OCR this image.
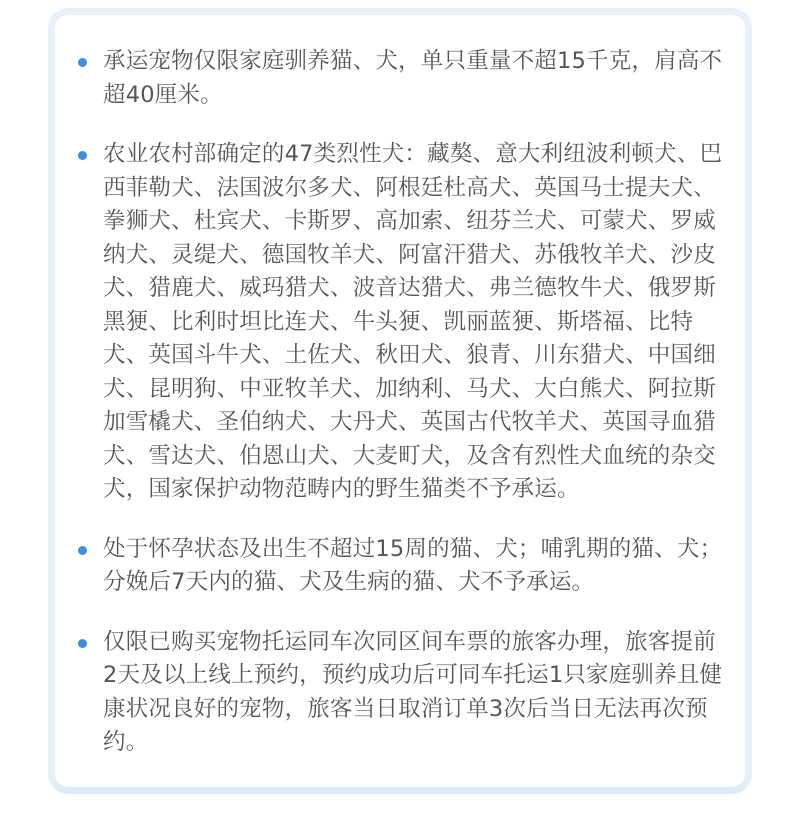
承运宠物仅限家庭驯养猫、犬，单只重量不超15千克，肩高不超40厘米。
农业农村部确定的47类烈性犬：藏獒、意大利纽波利顿犬、巴西菲勒犬、法国波尔多犬、阿根廷杜高犬、英国马士提夫犬、拳狮犬、杜宾犬、卡斯罗、高加索、纽芬兰犬、可蒙犬、罗威纳犬、灵缇犬、德国牧羊犬、阿富汗猎犬、苏俄牧羊犬、沙皮犬、猎鹿犬、威玛猎犬、波音达猎犬、弗兰德牧牛犬、俄罗斯黑㹴、比利时坦比连犬、牛头㹴、凯丽蓝㹴、斯塔福、比特犬、英国斗牛犬、土佐犬、秋田犬、狼青、川东猎犬、中国细犬、昆明狗、中亚牧羊犬、加纳利、马犬、大白熊犬、阿拉斯加雪橇犬、圣伯纳犬、大丹犬、英国古代牧羊犬、英国寻血猎犬、雪达犬、伯恩山犬、大麦町犬，及含有烈性犬血统的杂交犬，国家保护动物范畴内的野生猫类不予承运。
处于怀孕状态及出生不超过15周的猫、犬；哺乳期的猫、犬；分娩后7天内的猫、犬及生病的猫、犬不予承运。
仅限已购买宠物托运同车次同区间车票的旅客办理，旅客提前2天及以上线上预约，预约成功后可同车托运1只家庭驯养且健康状况良好的宠物，旅客当日取消订单3次后当日无法再次预约。
